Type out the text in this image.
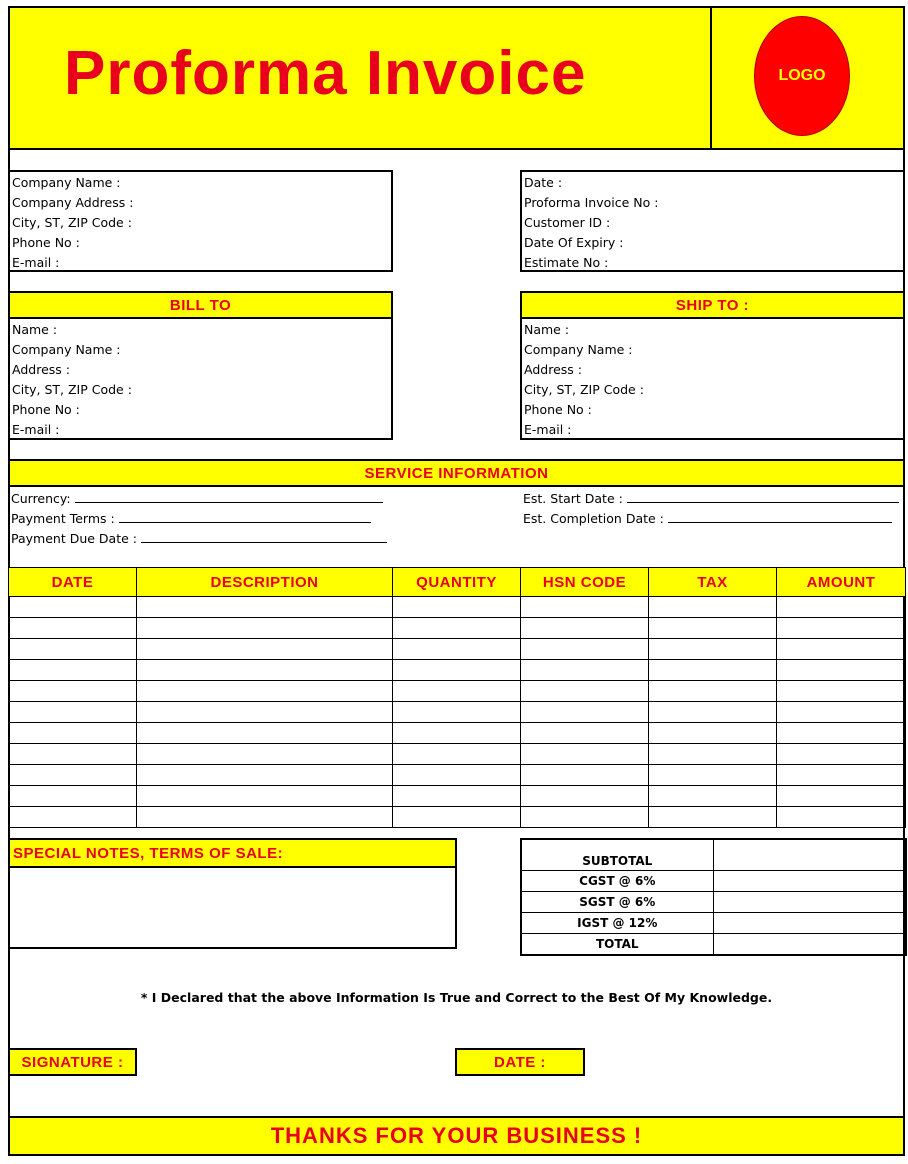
Proforma Invoice	LOGO
Company Name :
Company Address :
City, ST, ZIP Code :
Phone No :
E-mail :
Date :
Proforma Invoice No :
Customer ID :
Date Of Expiry :
Estimate No :
BILL TO
Name :
Company Name :
Address :
City, ST, ZIP Code :
Phone No :
E-mail :
SHIP TO :
Name :
Company Name :
Address :
City, ST, ZIP Code :
Phone No :
E-mail :
SERVICE INFORMATION
Currency:
Payment Terms :
Payment Due Date :
Est. Start Date :
Est. Completion Date :
DATE	DESCRIPTION	QUANTITY	HSN CODE	TAX	AMOUNT

SPECIAL NOTES, TERMS OF SALE:	SUBTOTAL	
CGST @ 6%	
SGST @ 6%	
IGST @ 12%	
TOTAL	
* I Declared that the above Information Is True and Correct to the Best Of My Knowledge.
SIGNATURE :	DATE :
THANKS FOR YOUR BUSINESS !
